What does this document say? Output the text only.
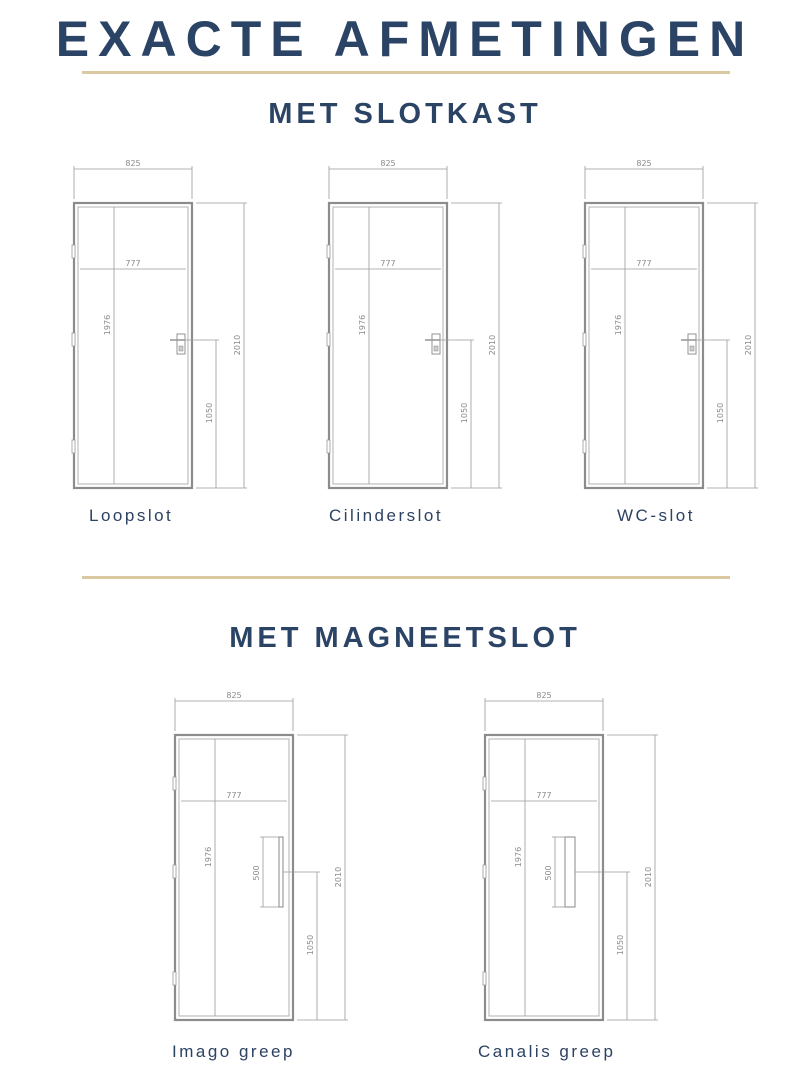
EXACTE AFMETINGEN
MET SLOTKAST
825
777
1976
2010
1050
825
777
1976
2010
1050
825
777
1976
2010
1050
Loopslot	Cilinderslot	WC-slot
MET MAGNEETSLOT
825
777
1976
2010
1050
500
825
777
1976
2010
1050
500
Imago greep	Canalis greep
